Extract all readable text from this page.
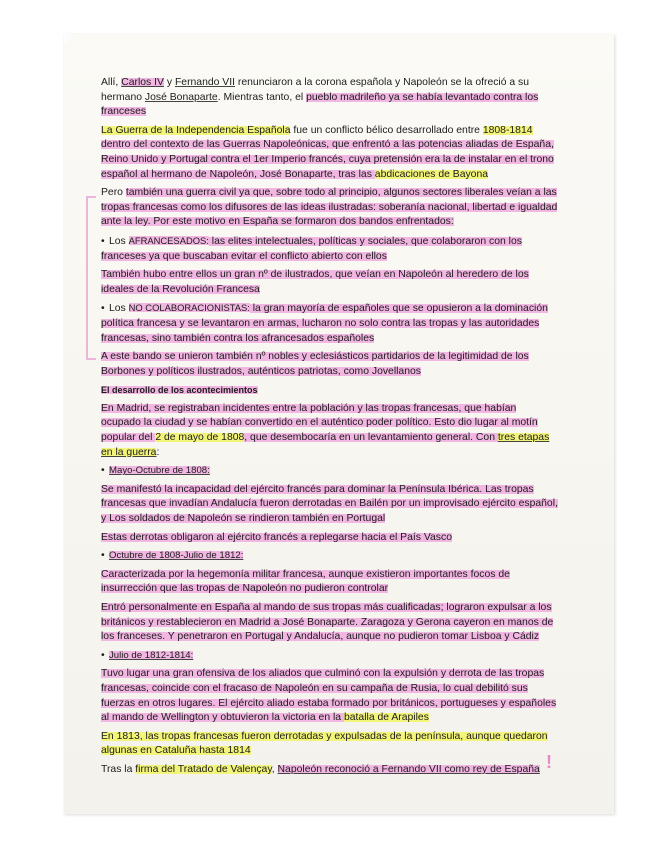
Allí, Carlos IV y Fernando VII renunciaron a la corona española y Napoleón se la ofreció a su hermano José Bonaparte. Mientras tanto, el pueblo madrileño ya se había levantado contra los franceses

La Guerra de la Independencia Española fue un conflicto bélico desarrollado entre 1808-1814 dentro del contexto de las Guerras Napoleónicas, que enfrentó a las potencias aliadas de España, Reino Unido y Portugal contra el 1er Imperio francés, cuya pretensión era la de instalar en el trono español al hermano de Napoleón, José Bonaparte, tras las abdicaciones de Bayona

Pero también una guerra civil ya que, sobre todo al principio, algunos sectores liberales veían a las tropas francesas como los difusores de las ideas ilustradas: soberanía nacional, libertad e igualdad ante la ley. Por este motivo en España se formaron dos bandos enfrentados:

• Los AFRANCESADOS: las elites intelectuales, políticas y sociales, que colaboraron con los franceses ya que buscaban evitar el conflicto abierto con ellos

También hubo entre ellos un gran nº de ilustrados, que veían en Napoleón al heredero de los ideales de la Revolución Francesa

• Los NO COLABORACIONISTAS: la gran mayoría de españoles que se opusieron a la dominación política francesa y se levantaron en armas, lucharon no solo contra las tropas y las autoridades francesas, sino también contra los afrancesados españoles

A este bando se unieron también nº nobles y eclesiásticos partidarios de la legitimidad de los Borbones y políticos ilustrados, auténticos patriotas, como Jovellanos

El desarrollo de los acontecimientos

En Madrid, se registraban incidentes entre la población y las tropas francesas, que habían ocupado la ciudad y se habían convertido en el auténtico poder político. Esto dio lugar al motín popular del 2 de mayo de 1808, que desembocaría en un levantamiento general. Con tres etapas en la guerra:

• Mayo-Octubre de 1808:

Se manifestó la incapacidad del ejército francés para dominar la Península Ibérica. Las tropas francesas que invadían Andalucía fueron derrotadas en Bailén por un improvisado ejército español, y Los soldados de Napoleón se rindieron también en Portugal

Estas derrotas obligaron al ejército francés a replegarse hacia el País Vasco

• Octubre de 1808-Julio de 1812:

Caracterizada por la hegemonía militar francesa, aunque existieron importantes focos de insurrección que las tropas de Napoleón no pudieron controlar

Entró personalmente en España al mando de sus tropas más cualificadas; lograron expulsar a los británicos y restablecieron en Madrid a José Bonaparte. Zaragoza y Gerona cayeron en manos de los franceses. Y penetraron en Portugal y Andalucía, aunque no pudieron tomar Lisboa y Cádiz

• Julio de 1812-1814:

Tuvo lugar una gran ofensiva de los aliados que culminó con la expulsión y derrota de las tropas francesas, coincide con el fracaso de Napoleón en su campaña de Rusia, lo cual debilitó sus fuerzas en otros lugares. El ejército aliado estaba formado por británicos, portugueses y españoles al mando de Wellington y obtuvieron la victoria en la batalla de Arapiles

En 1813, las tropas francesas fueron derrotadas y expulsadas de la península, aunque quedaron algunas en Cataluña hasta 1814

Tras la firma del Tratado de Valençay, Napoleón reconoció a Fernando VII como rey de España !
